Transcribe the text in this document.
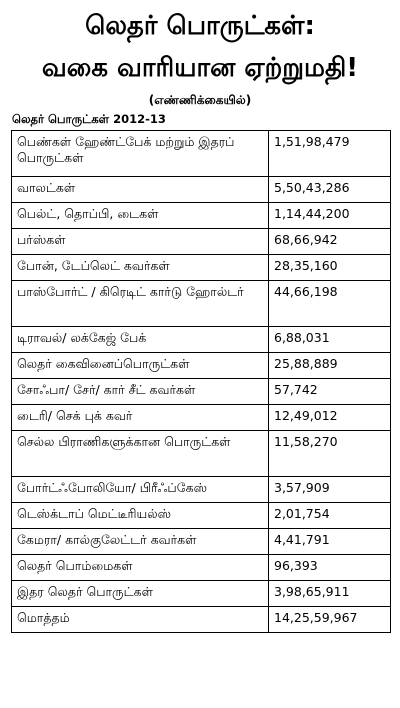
லெதர் பொருட்கள்:
வகை வாரியான ஏற்றுமதி!
(எண்ணிக்கையில்)
லெதர் பொருட்கள் 2012-13
பெண்கள் ஹேண்ட்பேக் மற்றும் இதரப் பொருட்கள்	1,51,98,479
வாலட்கள்	5,50,43,286
பெல்ட், தொப்பி, டைகள்	1,14,44,200
பர்ஸ்கள்	68,66,942
போன், டேப்லெட் கவர்கள்	28,35,160
பாஸ்போர்ட் / கிரெடிட் கார்டு ஹோல்டர்	44,66,198
டிராவல்/ லக்கேஜ் பேக்	6,88,031
லெதர் கைவினைப்பொருட்கள்	25,88,889
சோஃபா/ சேர்/ கார் சீட் கவர்கள்	57,742
டைரி/ செக் புக் கவர்	12,49,012
செல்ல பிராணிகளுக்கான பொருட்கள்	11,58,270
போர்ட்ஃபோலியோ/ பிரீஃப்கேஸ்	3,57,909
டெஸ்க்டாப் மெட்டீரியல்ஸ்	2,01,754
கேமரா/ கால்குலேட்டர் கவர்கள்	4,41,791
லெதர் பொம்மைகள்	96,393
இதர லெதர் பொருட்கள்	3,98,65,911
மொத்தம்	14,25,59,967
